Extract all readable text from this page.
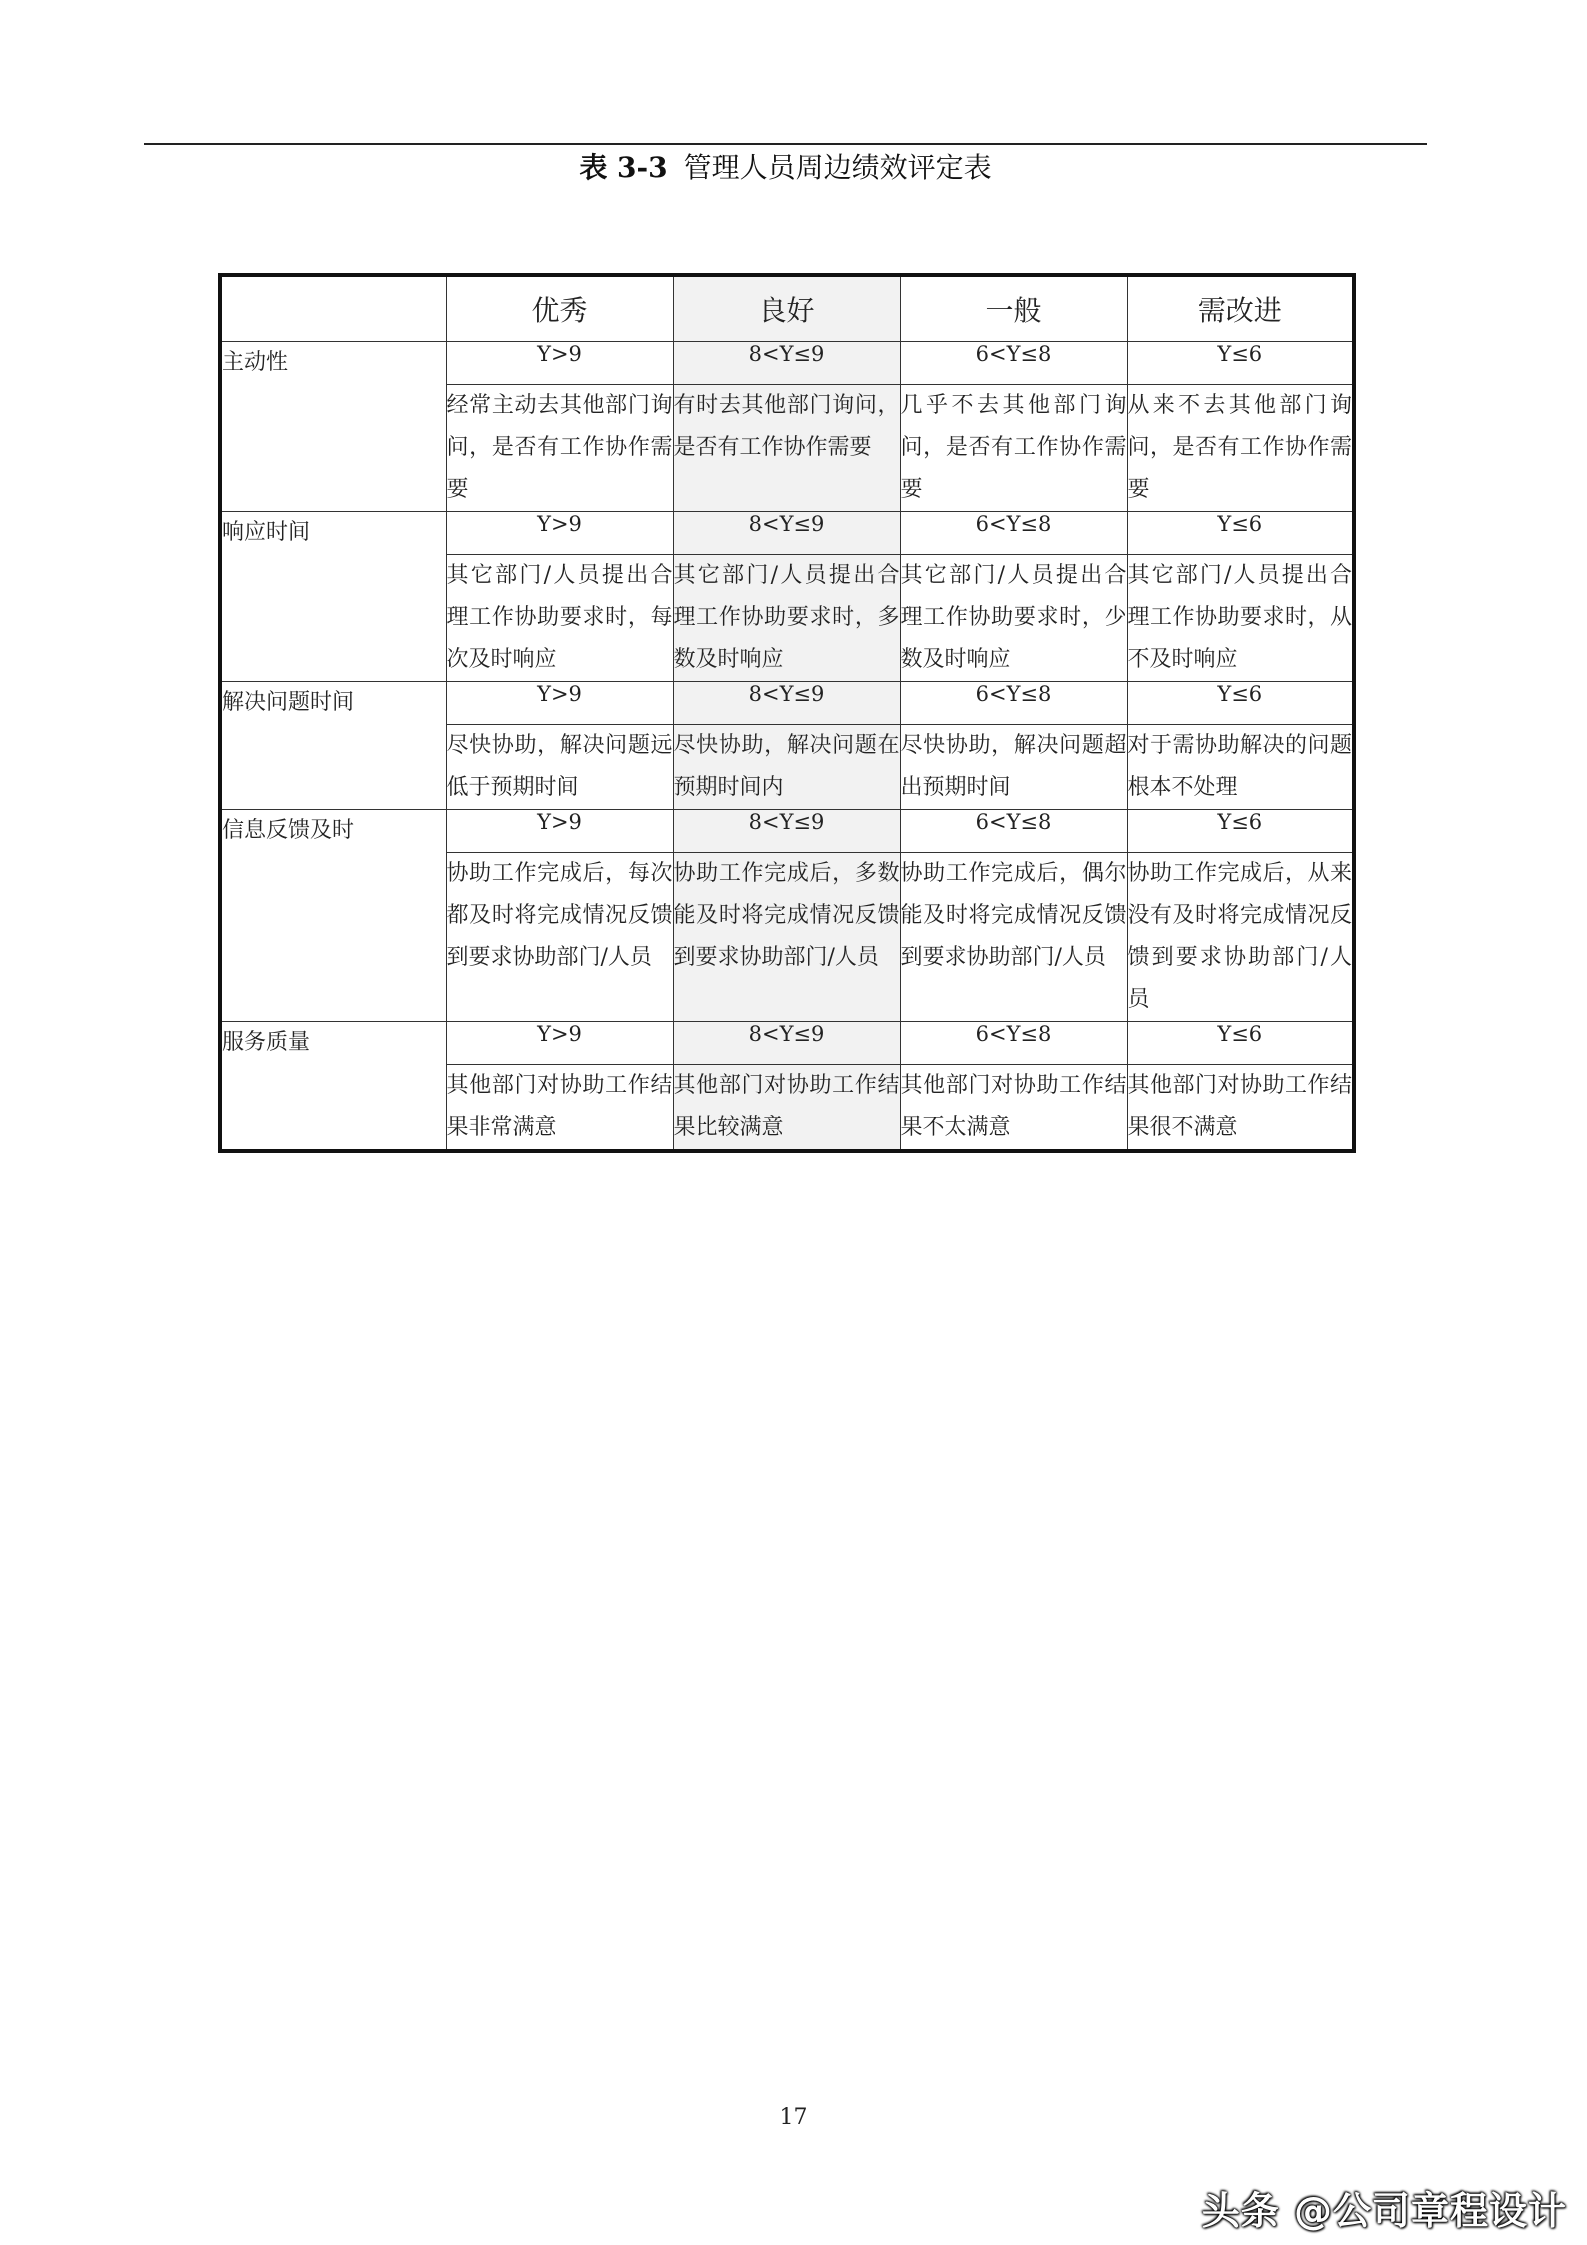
表 3-3 管理人员周边绩效评定表
	优秀	良好	一般	需改进
主动性	Y>9	8<Y≤9	6<Y≤8	Y≤6
	经常主动去其他部门询问，是否有工作协作需要	有时去其他部门询问，是否有工作协作需要	几乎不去其他部门询问，是否有工作协作需要	从来不去其他部门询问，是否有工作协作需要
响应时间	Y>9	8<Y≤9	6<Y≤8	Y≤6
	其它部门/人员提出合理工作协助要求时，每次及时响应	其它部门/人员提出合理工作协助要求时，多数及时响应	其它部门/人员提出合理工作协助要求时，少数及时响应	其它部门/人员提出合理工作协助要求时，从不及时响应
解决问题时间	Y>9	8<Y≤9	6<Y≤8	Y≤6
	尽快协助，解决问题远低于预期时间	尽快协助，解决问题在预期时间内	尽快协助，解决问题超出预期时间	对于需协助解决的问题根本不处理
信息反馈及时	Y>9	8<Y≤9	6<Y≤8	Y≤6
	协助工作完成后，每次都及时将完成情况反馈到要求协助部门/人员	协助工作完成后，多数能及时将完成情况反馈到要求协助部门/人员	协助工作完成后，偶尔能及时将完成情况反馈到要求协助部门/人员	协助工作完成后，从来没有及时将完成情况反馈到要求协助部门/人员
服务质量	Y>9	8<Y≤9	6<Y≤8	Y≤6
	其他部门对协助工作结果非常满意	其他部门对协助工作结果比较满意	其他部门对协助工作结果不太满意	其他部门对协助工作结果很不满意
17
头条 @公司章程设计
